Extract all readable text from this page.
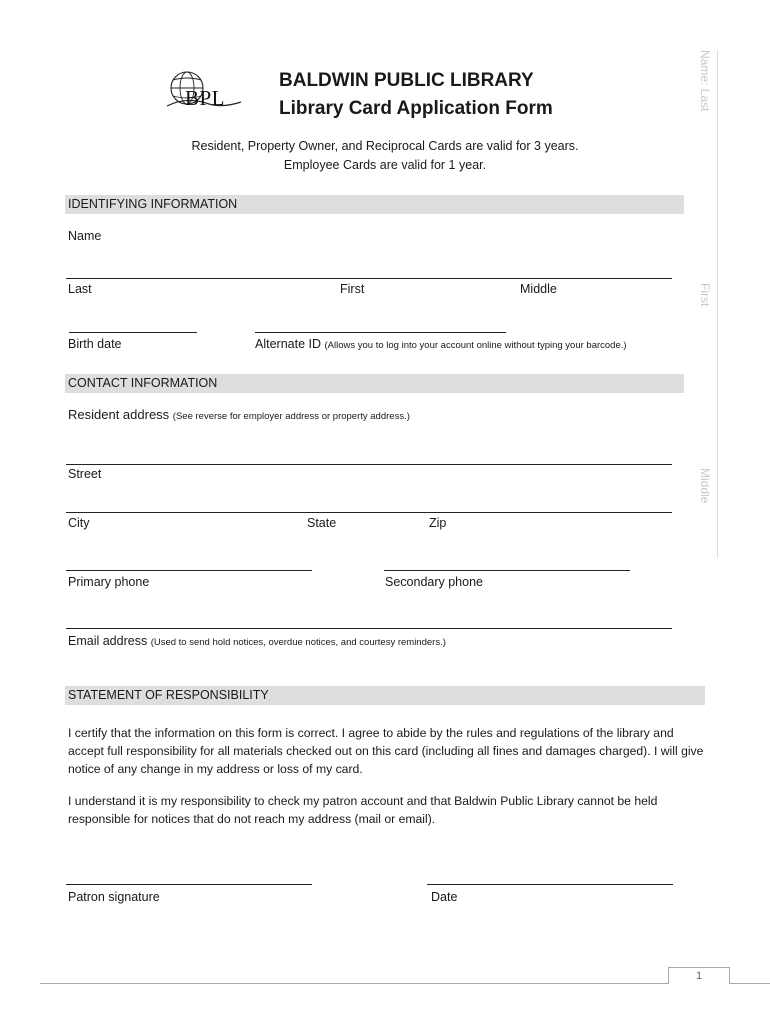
BPL
BALDWIN PUBLIC LIBRARY
Library Card Application Form
Resident, Property Owner, and Reciprocal Cards are valid for 3 years.
Employee Cards are valid for 1 year.
Name: Last
First
Middle
IDENTIFYING INFORMATION
Name
Last	First	Middle
Birth date	Alternate ID (Allows you to log into your account online without typing your barcode.)
CONTACT INFORMATION
Resident address (See reverse for employer address or property address.)
Street
City	State	Zip
Primary phone	Secondary phone
Email address (Used to send hold notices, overdue notices, and courtesy reminders.)
STATEMENT OF RESPONSIBILITY

I certify that the information on this form is correct. I agree to abide by the rules and regulations of the library and accept full responsibility for all materials checked out on this card (including all fines and damages charged). I will give notice of any change in my address or loss of my card.

I understand it is my responsibility to check my patron account and that Baldwin Public Library cannot be held responsible for notices that do not reach my address (mail or email).

Patron signature	Date
1
